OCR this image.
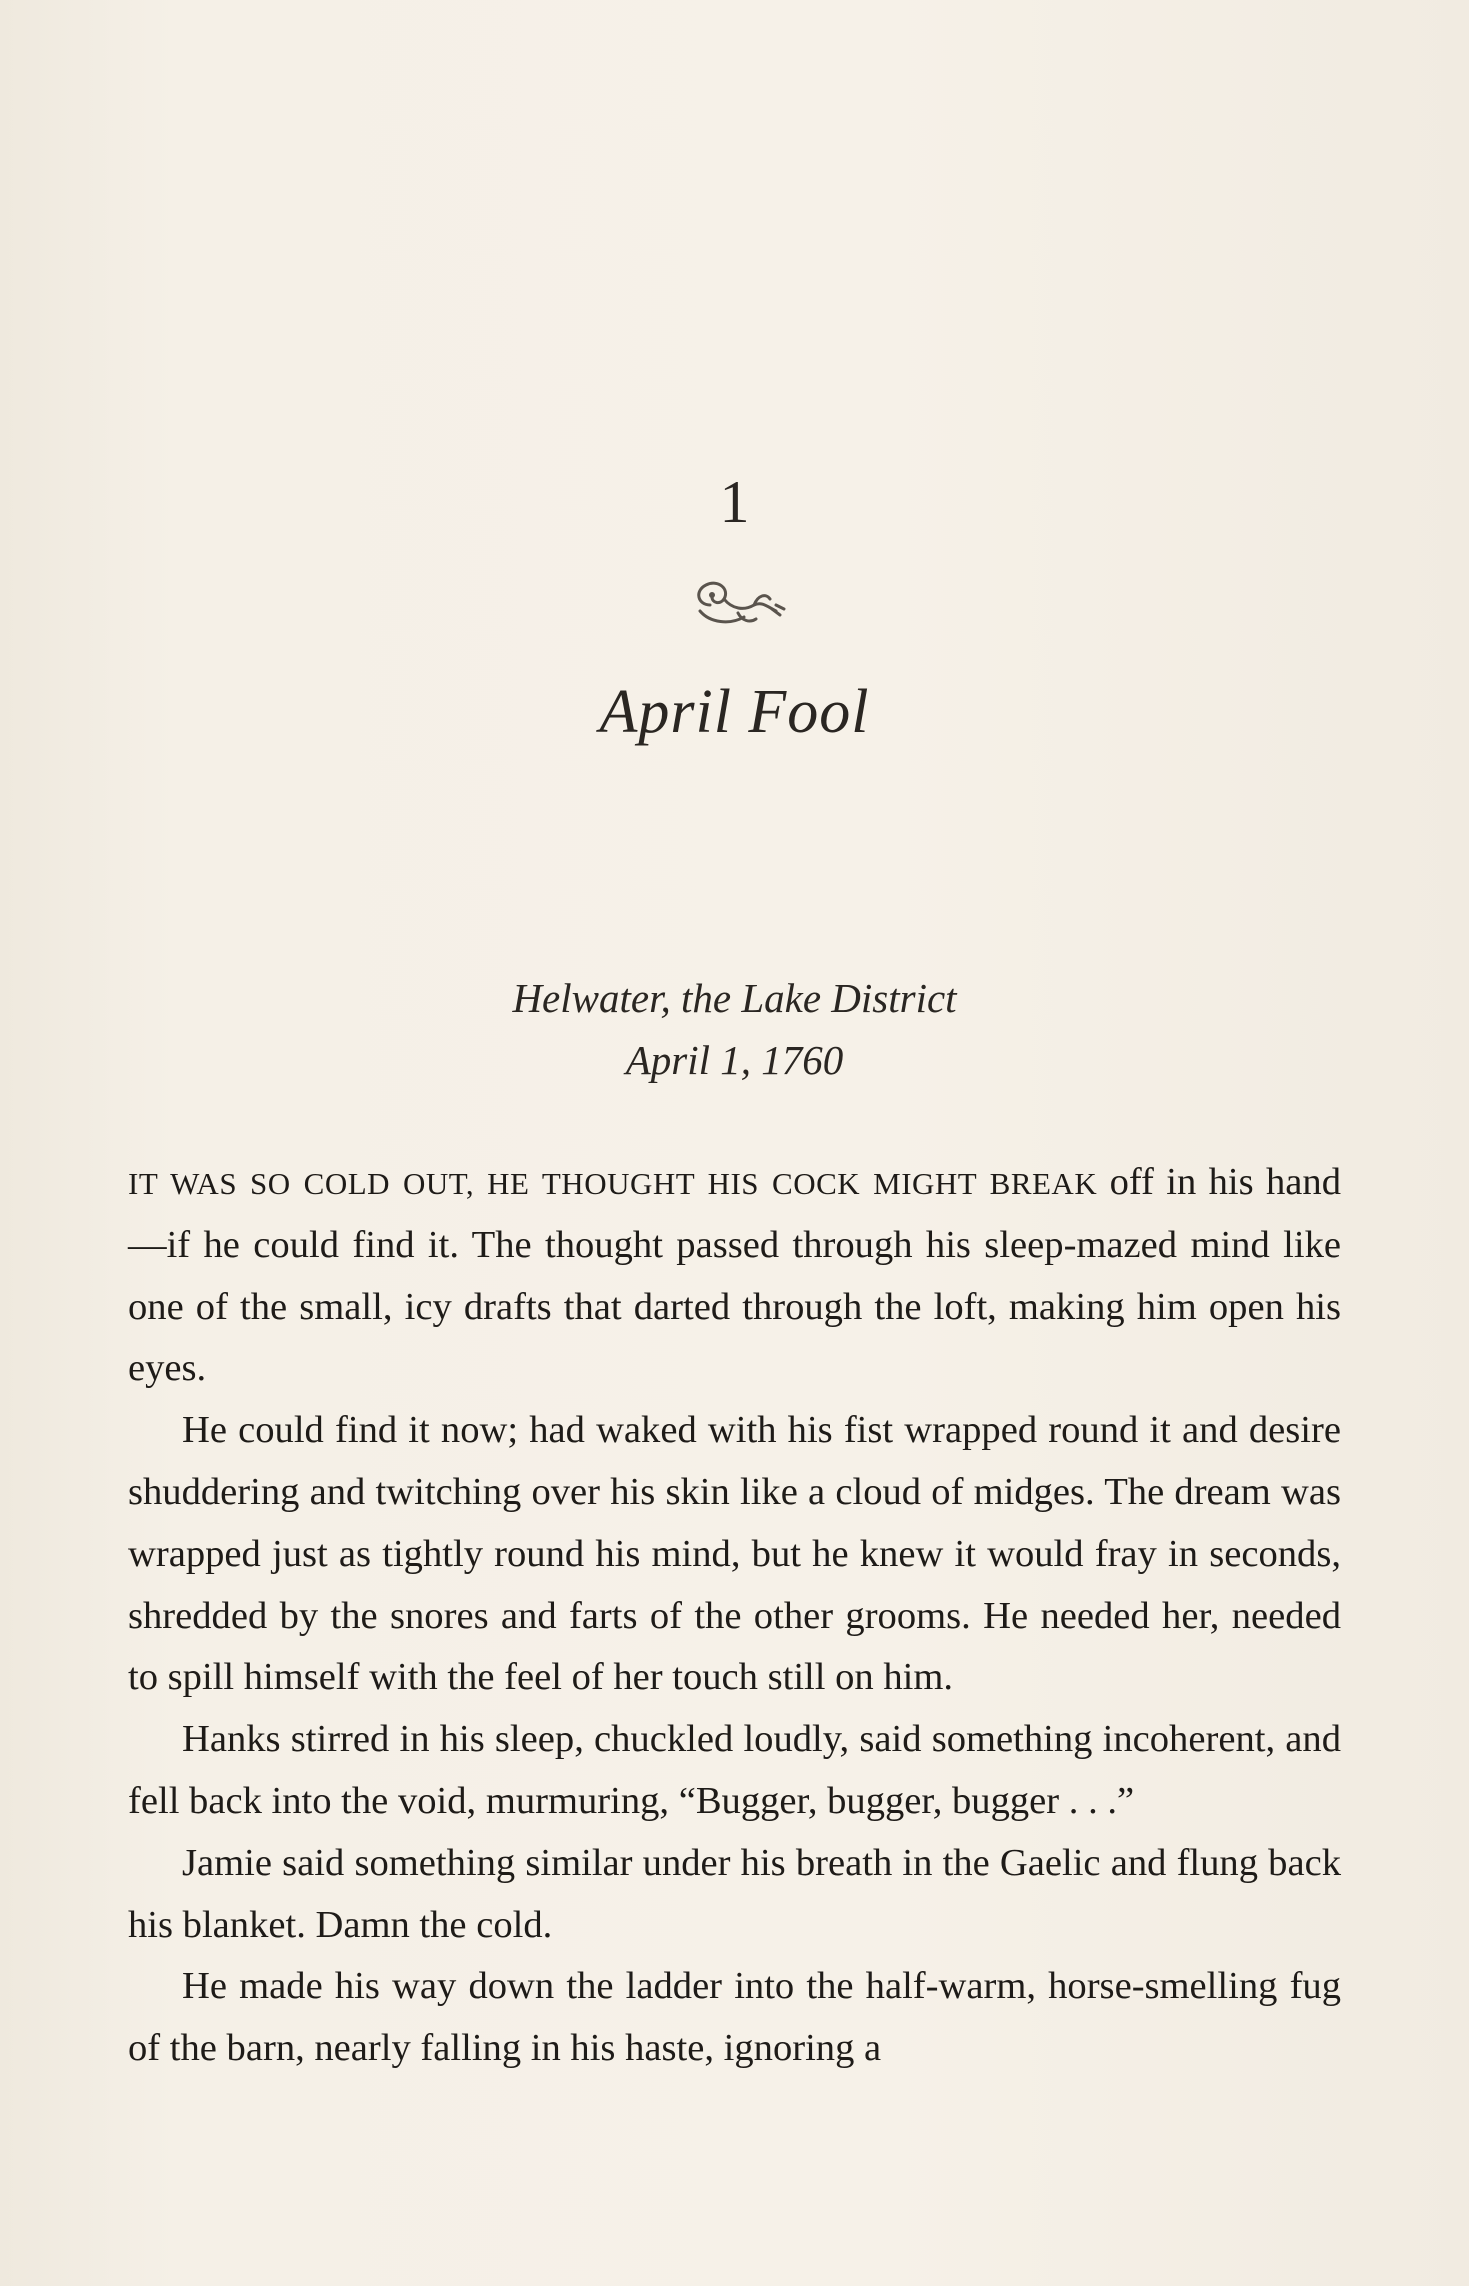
1
April Fool
Helwater, the Lake District
April 1, 1760

IT WAS SO COLD OUT, HE THOUGHT HIS COCK MIGHT BREAK off in his hand—if he could find it. The thought passed through his sleep-mazed mind like one of the small, icy drafts that darted through the loft, making him open his eyes.

He could find it now; had waked with his fist wrapped round it and desire shuddering and twitching over his skin like a cloud of midges. The dream was wrapped just as tightly round his mind, but he knew it would fray in seconds, shredded by the snores and farts of the other grooms. He needed her, needed to spill himself with the feel of her touch still on him.

Hanks stirred in his sleep, chuckled loudly, said something incoherent, and fell back into the void, murmuring, “Bugger, bugger, bugger . . .”

Jamie said something similar under his breath in the Gaelic and flung back his blanket. Damn the cold.

He made his way down the ladder into the half-warm, horse-smelling fug of the barn, nearly falling in his haste, ignoring a
